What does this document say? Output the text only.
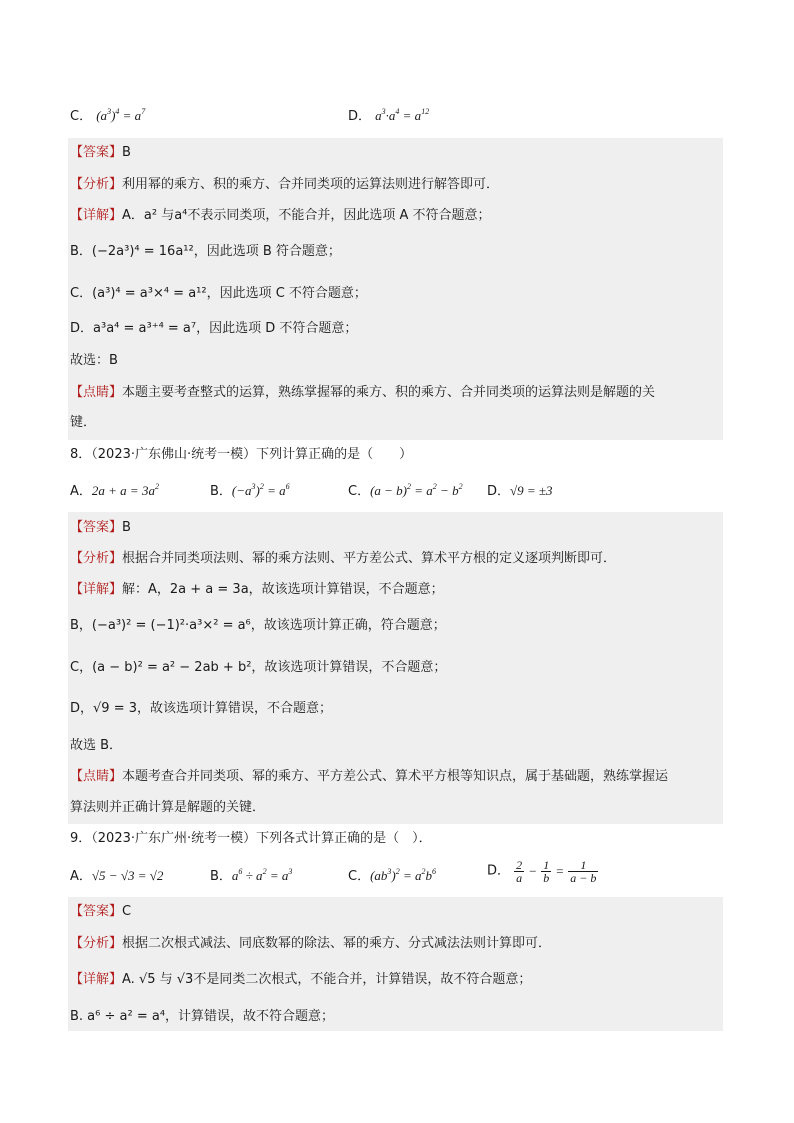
C． $(a^3)^4 = a^7$	D． $a^3\cdot a^4 = a^{12}$
【答案】B
【分析】利用幂的乘方、积的乘方、合并同类项的运算法则进行解答即可．
【详解】A．a² 与a⁴不表示同类项，不能合并，因此选项 A 不符合题意；
B．(−2a³)⁴ = 16a¹²，因此选项 B 符合题意；
C．(a³)⁴ = a³×⁴ = a¹²，因此选项 C 不符合题意；
D．a³a⁴ = a³⁺⁴ = a⁷，因此选项 D 不符合题意；
故选：B
【点睛】本题主要考查整式的运算，熟练掌握幂的乘方、积的乘方、合并同类项的运算法则是解题的关
键．
8．（2023·广东佛山·统考一模）下列计算正确的是（　　）
A．$2a + a = 3a^2$	B．$(-a^3)^2 = a^6$	C．$(a - b)^2 = a^2 - b^2$ D．√9 = ±3
【答案】B
【分析】根据合并同类项法则、幂的乘方法则、平方差公式、算术平方根的定义逐项判断即可．
【详解】解：A，2a + a = 3a，故该选项计算错误，不合题意；
B，(−a³)² = (−1)²·a³×² = a⁶，故该选项计算正确，符合题意；
C，(a − b)² = a² − 2ab + b²，故该选项计算错误，不合题意；
D，√9 = 3，故该选项计算错误，不合题意；
故选 B．
【点睛】本题考查合并同类项、幂的乘方、平方差公式、算术平方根等知识点，属于基础题，熟练掌握运
算法则并正确计算是解题的关键．
9．（2023·广东广州·统考一模）下列各式计算正确的是（　）．
A．√5 − √3 = √2	B．$a^6 \div a^2 = a^3$	C．$(ab^3)^2 = a^2b^6$	D． $\frac{2}{a} - \frac{1}{b} = \frac{1}{a - b}$
【答案】C
【分析】根据二次根式减法、同底数幂的除法、幂的乘方、分式减法法则计算即可．
【详解】A. √5 与 √3不是同类二次根式，不能合并，计算错误，故不符合题意；
B. a⁶ ÷ a² = a⁴，计算错误，故不符合题意；
